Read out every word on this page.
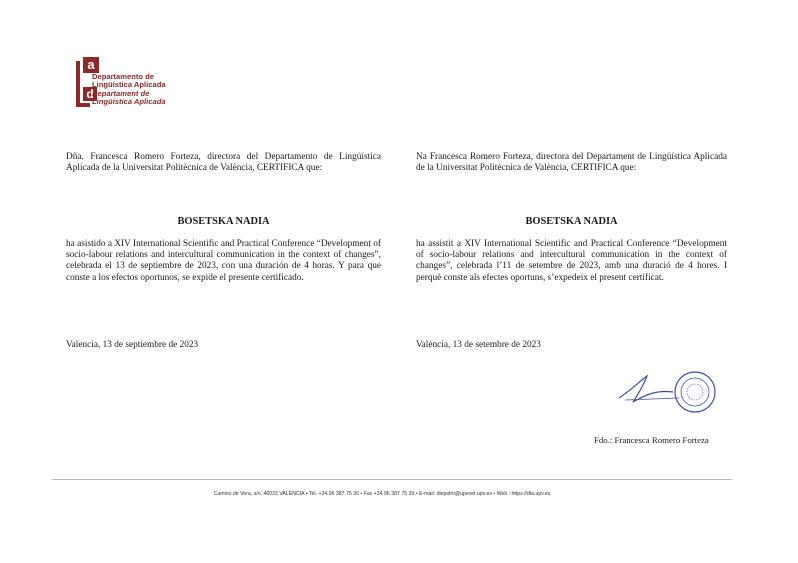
a
d
Departamento de
Lingüística Aplicada
Departament de
Lingüística Aplicada
Dña. Francesca Romero Forteza, directora del Departamento de Lingüística Aplicada de la Universitat Politècnica de València, CERTIFICA que:
BOSETSKA NADIA
ha asistido a XIV International Scientific and Practical Conference “Development of socio-labour relations and intercultural communication in the context of changes”, celebrada el 13 de septiembre de 2023, con una duración de 4 horas. Y para que conste a los efectos oportunos, se expide el presente certificado.
Valencia, 13 de septiembre de 2023
Na Francesca Romero Forteza, directora del Departament de Lingüística Aplicada de la Universitat Politècnica de València, CERTIFICA que:
BOSETSKA NADIA
ha assistit a XIV International Scientific and Practical Conference “Development of socio-labour relations and intercultural communication in the context of changes”, celebrada l’11 de setembre de 2023, amb una duració de 4 hores. I perquè conste als efectes oportuns, s’expedeix el present certificat.
València, 13 de setembre de 2023
Fdo.: Francesca Romero Forteza
Camino de Vera, s/n. 46022 VALÈNCIA • Tel. +34 96 387 75 30 • Fax +34 96 387 75 39 • E-mail: diepidm@upvnet.upv.es • Web : https://dla.upv.es
